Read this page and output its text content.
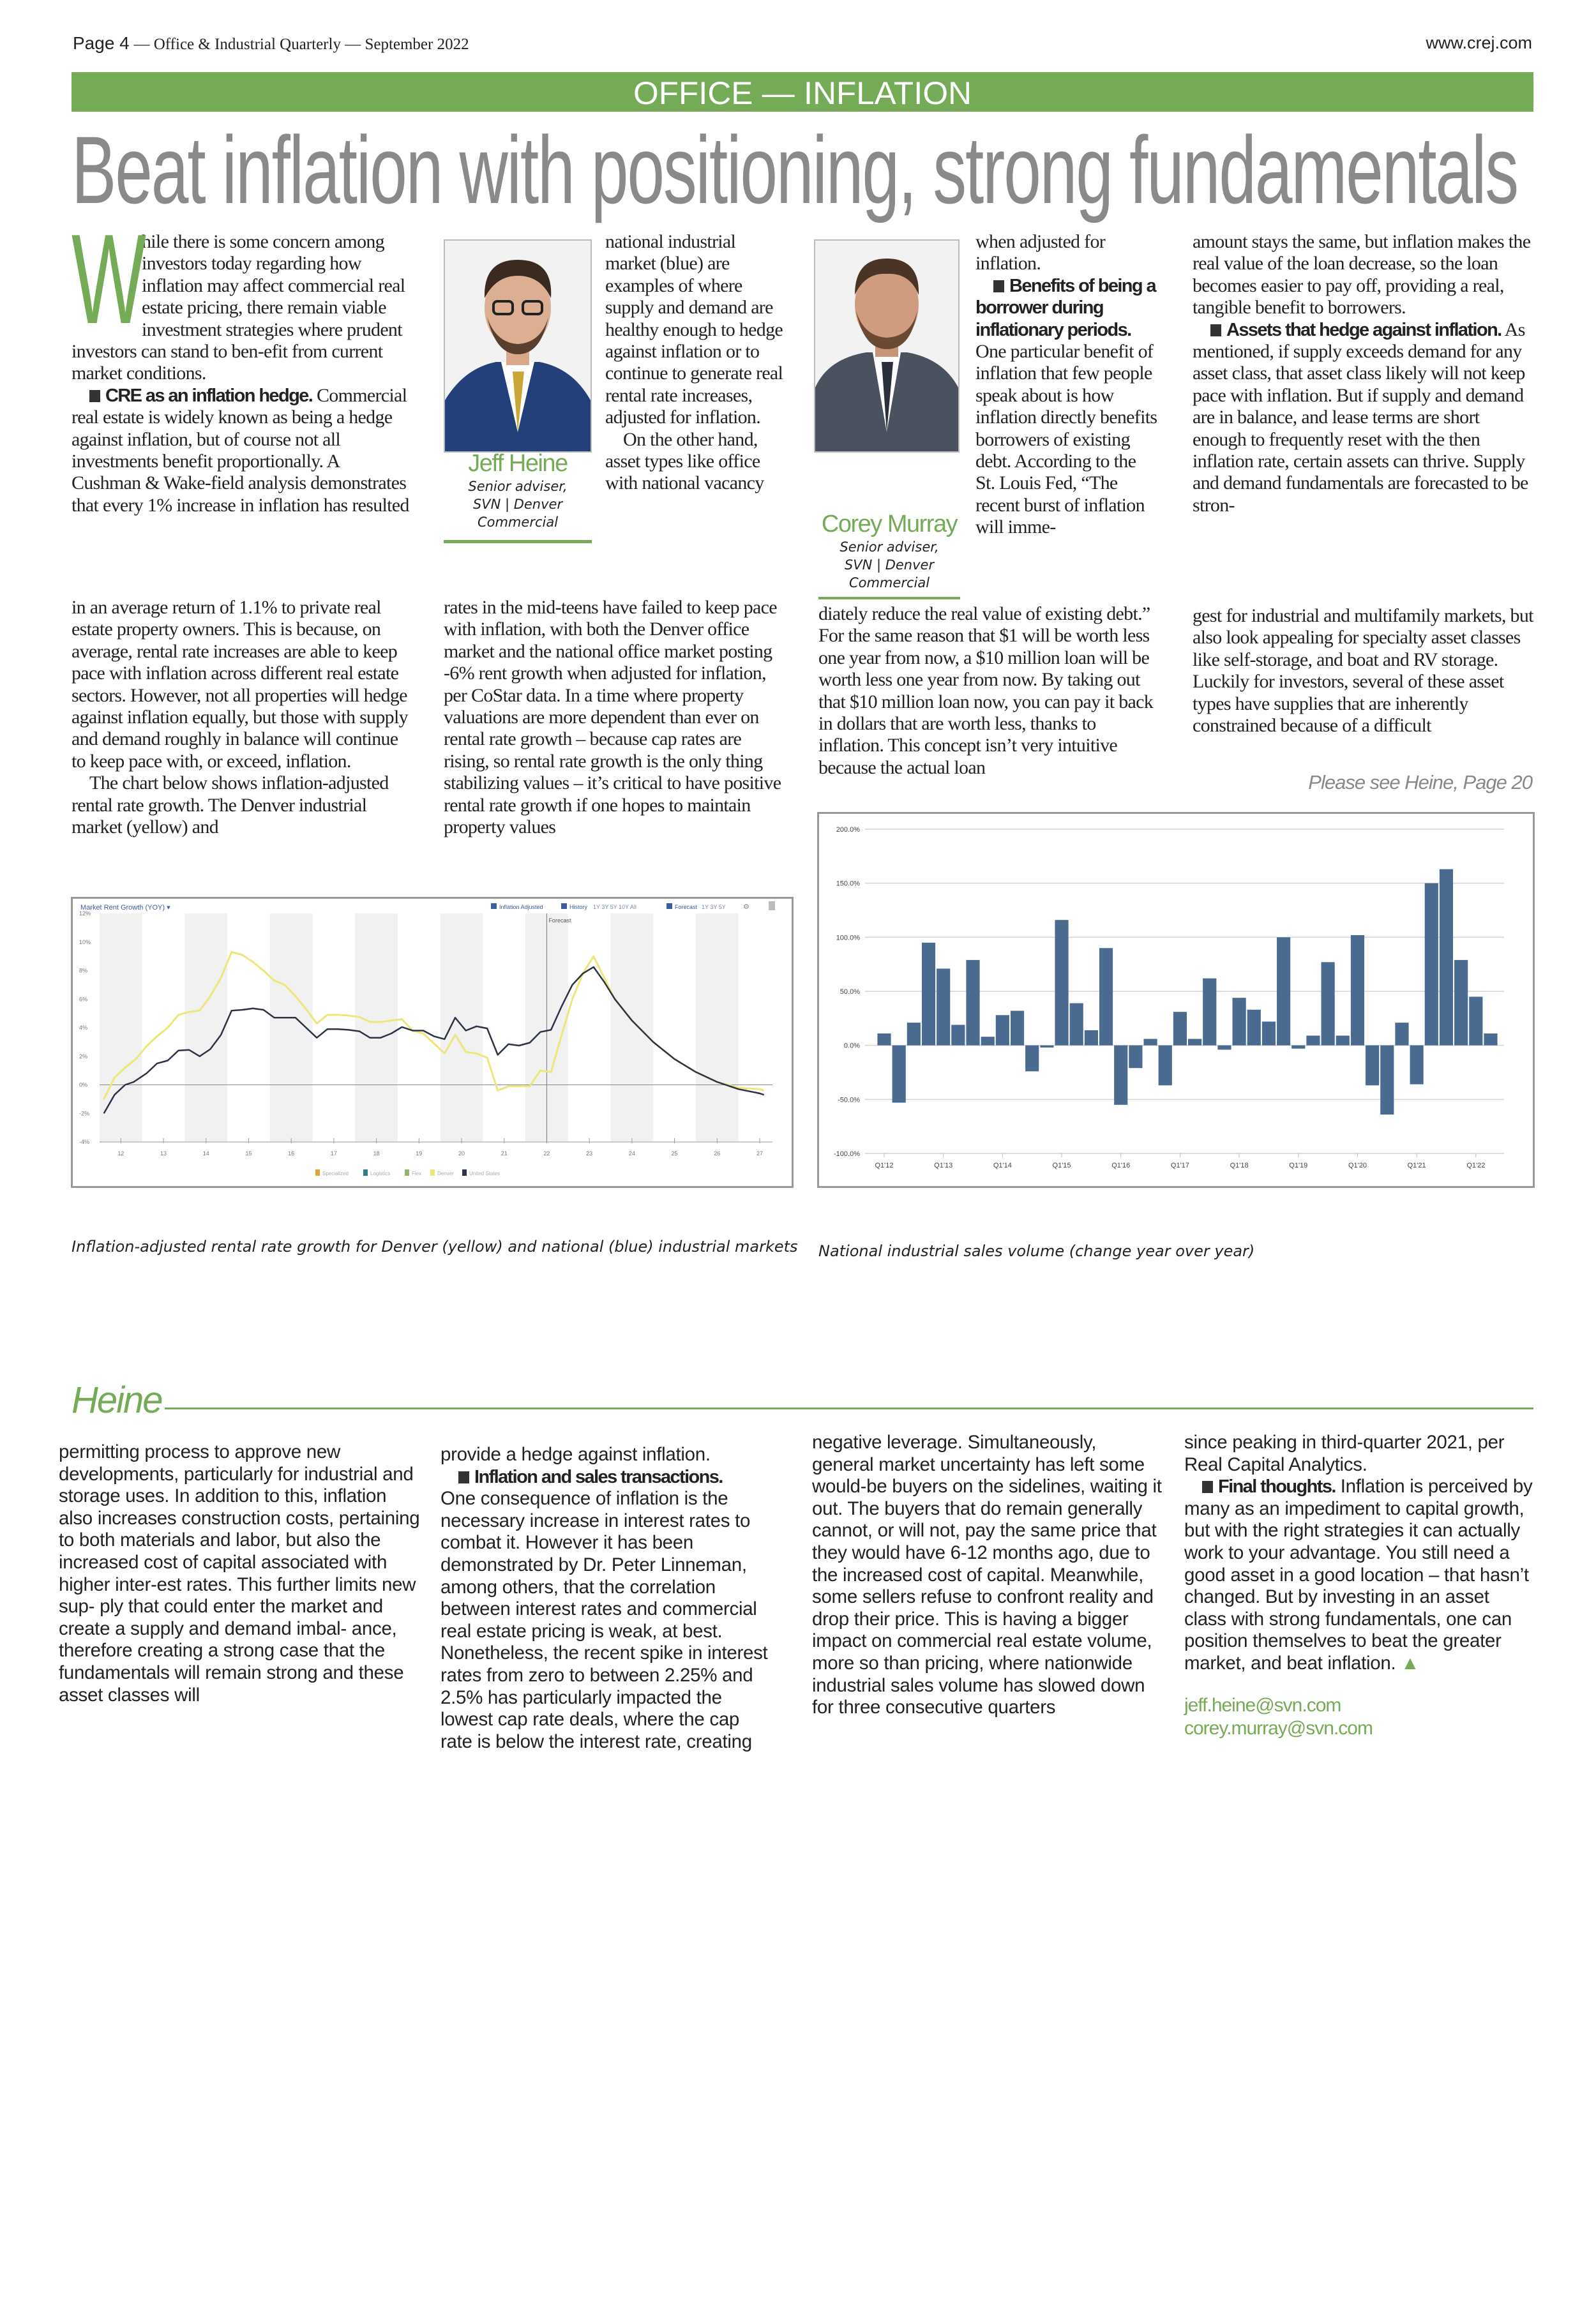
Page 4 — Office & Industrial Quarterly — September 2022	www.crej.com
OFFICE — INFLATION
Beat inflation with positioning, strong fundamentals

W
hile there is some concern among investors today regarding how inflation may affect commercial real estate pricing, there remain viable investment strategies where prudent investors can stand to ben-efit from current market conditions.

CRE as an inflation hedge. Commercial real estate is widely known as being a hedge against inflation, but of course not all investments benefit proportionally. A Cushman & Wake-field analysis demonstrates that every 1% increase in inflation has resulted

Jeff Heine
Senior adviser,
SVN | Denver
Commercial

national industrial market (blue) are examples of where supply and demand are healthy enough to hedge against inflation or to continue to generate real rental rate increases, adjusted for inflation.

On the other hand, asset types like office with national vacancy

Corey Murray
Senior adviser,
SVN | Denver
Commercial

when adjusted for inflation.

Benefits of being a borrower during inflationary periods. One particular benefit of inflation that few people speak about is how inflation directly benefits borrowers of existing debt. According to the St. Louis Fed, “The recent burst of inflation will imme-

amount stays the same, but inflation makes the real value of the loan decrease, so the loan becomes easier to pay off, providing a real, tangible benefit to borrowers.

Assets that hedge against inflation. As mentioned, if supply exceeds demand for any asset class, that asset class likely will not keep pace with inflation. But if supply and demand are in balance, and lease terms are short enough to frequently reset with the then inflation rate, certain assets can thrive. Supply and demand fundamentals are forecasted to be stron-

in an average return of 1.1% to private real estate property owners. This is because, on average, rental rate increases are able to keep pace with inflation across different real estate sectors. However, not all properties will hedge against inflation equally, but those with supply and demand roughly in balance will continue to keep pace with, or exceed, inflation.

The chart below shows inflation-adjusted rental rate growth. The Denver industrial market (yellow) and

rates in the mid-teens have failed to keep pace with inflation, with both the Denver office market and the national office market posting -6% rent growth when adjusted for inflation, per CoStar data. In a time where property valuations are more dependent than ever on rental rate growth – because cap rates are rising, so rental rate growth is the only thing stabilizing values – it’s critical to have positive rental rate growth if one hopes to maintain property values

diately reduce the real value of existing debt.” For the same reason that $1 will be worth less one year from now, a $10 million loan will be worth less one year from now. By taking out that $10 million loan now, you can pay it back in dollars that are worth less, thanks to inflation. This concept isn’t very intuitive because the actual loan

gest for industrial and multifamily markets, but also look appealing for specialty asset classes like self-storage, and boat and RV storage. Luckily for investors, several of these asset types have supplies that are inherently constrained because of a difficult

Please see Heine, Page 20
Market Rent Growth (YOY) ▾	Inflation Adjusted	History 1Y 3Y 5Y 10Y All	Forecast 1Y 3Y 5Y ⚙
12%
10%
8%
6%
4%
2%
0%
-2%
-4%
12	13	14	15	16	17	18	19	20	21	22	23	24	25	26	27
Forecast
Specialized	Logistics	Flex	Denver	United States
200.0%
150.0%
100.0%
50.0%
0.0%
-50.0%
-100.0%
Q1'12	Q1'13	Q1'14	Q1'15	Q1'16	Q1'17	Q1'18	Q1'19	Q1'20	Q1'21	Q1'22
Inflation-adjusted rental rate growth for Denver (yellow) and national (blue) industrial markets National industrial sales volume (change year over year)
Heine

permitting process to approve new developments, particularly for industrial and storage uses. In addition to this, inflation also increases construction costs, pertaining to both materials and labor, but also the increased cost of capital associated with higher inter-est rates. This further limits new sup- ply that could enter the market and create a supply and demand imbal- ance, therefore creating a strong case that the fundamentals will remain strong and these asset classes will

provide a hedge against inflation.

Inflation and sales transactions.

One consequence of inflation is the necessary increase in interest rates to combat it. However it has been demonstrated by Dr. Peter Linneman, among others, that the correlation between interest rates and commercial real estate pricing is weak, at best. Nonetheless, the recent spike in interest rates from zero to between 2.25% and 2.5% has particularly impacted the lowest cap rate deals, where the cap rate is below the interest rate, creating

negative leverage. Simultaneously, general market uncertainty has left some would-be buyers on the sidelines, waiting it out. The buyers that do remain generally cannot, or will not, pay the same price that they would have 6-12 months ago, due to the increased cost of capital. Meanwhile, some sellers refuse to confront reality and drop their price. This is having a bigger impact on commercial real estate volume, more so than pricing, where nationwide industrial sales volume has slowed down for three consecutive quarters

since peaking in third-quarter 2021, per Real Capital Analytics.

Final thoughts. Inflation is perceived by many as an impediment to capital growth, but with the right strategies it can actually work to your advantage. You still need a good asset in a good location – that hasn’t changed. But by investing in an asset class with strong fundamentals, one can position themselves to beat the greater market, and beat inflation. ▲

jeff.heine@svn.com
corey.murray@svn.com
